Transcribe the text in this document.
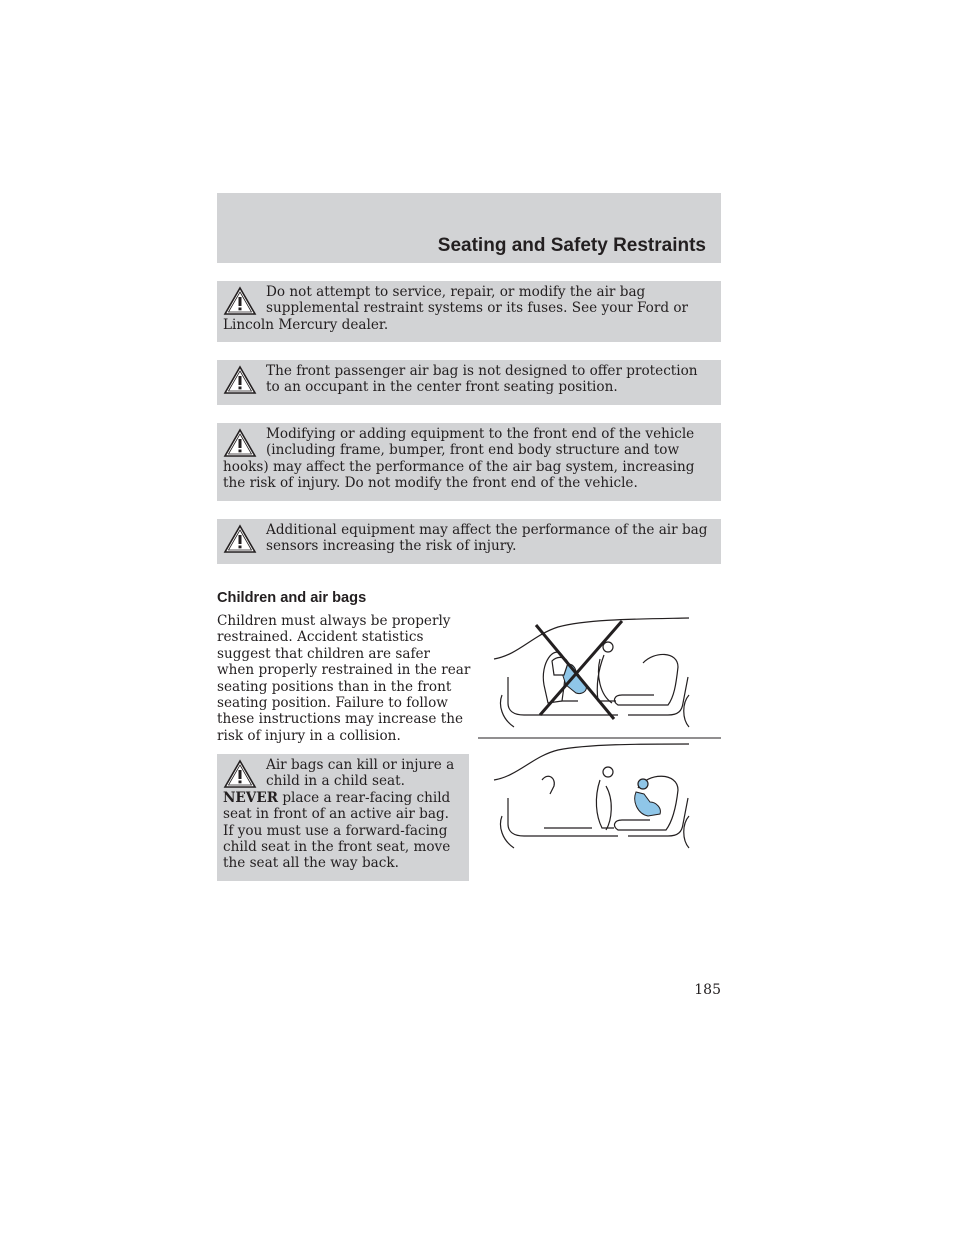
Seating and Safety Restraints
Do not attempt to service, repair, or modify the air bag supplemental restraint systems or its fuses. See your Ford or Lincoln Mercury dealer.
The front passenger air bag is not designed to offer protection to an occupant in the center front seating position.
Modifying or adding equipment to the front end of the vehicle (including frame, bumper, front end body structure and tow hooks) may affect the performance of the air bag system, increasing the risk of injury. Do not modify the front end of the vehicle.
Additional equipment may affect the performance of the air bag sensors increasing the risk of injury.
Children and air bags
Children must always be properly restrained. Accident statistics suggest that children are safer when properly restrained in the rear seating positions than in the front seating position. Failure to follow these instructions may increase the risk of injury in a collision.
Air bags can kill or injure a child in a child seat. NEVER place a rear-facing child seat in front of an active air bag. If you must use a forward-facing child seat in the front seat, move the seat all the way back.
185
